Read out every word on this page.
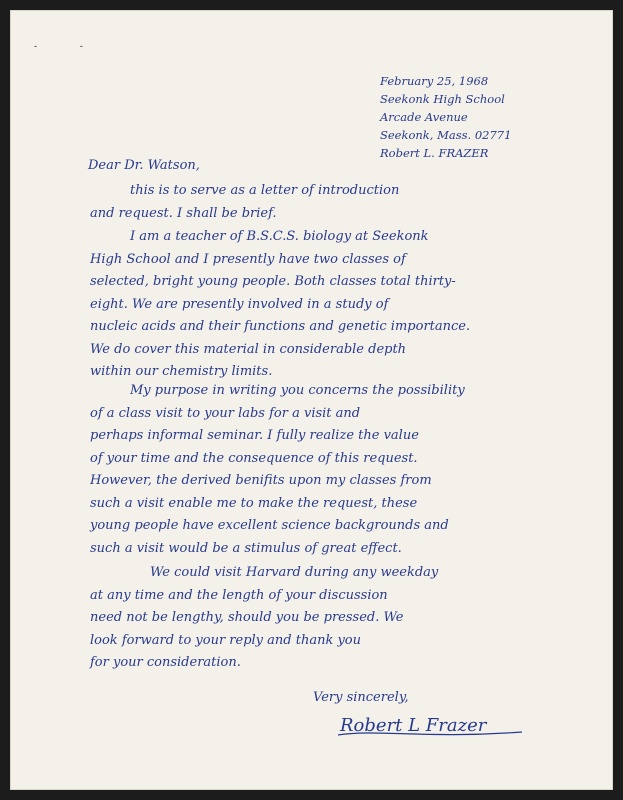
- -
February 25, 1968
Seekonk High School
Arcade Avenue
Seekonk, Mass. 02771
Robert L. FRAZER
Dear Dr. Watson,
this is to serve as a letter of introduction
and request. I shall be brief.
I am a teacher of B.S.C.S. biology at Seekonk
High School and I presently have two classes of
selected, bright young people. Both classes total thirty-
eight. We are presently involved in a study of
nucleic acids and their functions and genetic importance.
We do cover this material in considerable depth
within our chemistry limits.
My purpose in writing you concerns the possibility
of a class visit to your labs for a visit and
perhaps informal seminar. I fully realize the value
of your time and the consequence of this request.
However, the derived benifits upon my classes from
such a visit enable me to make the request, these
young people have excellent science backgrounds and
such a visit would be a stimulus of great effect.
We could visit Harvard during any weekday
at any time and the length of your discussion
need not be lengthy, should you be pressed. We
look forward to your reply and thank you
for your consideration.
Very sincerely,
Robert L Frazer
